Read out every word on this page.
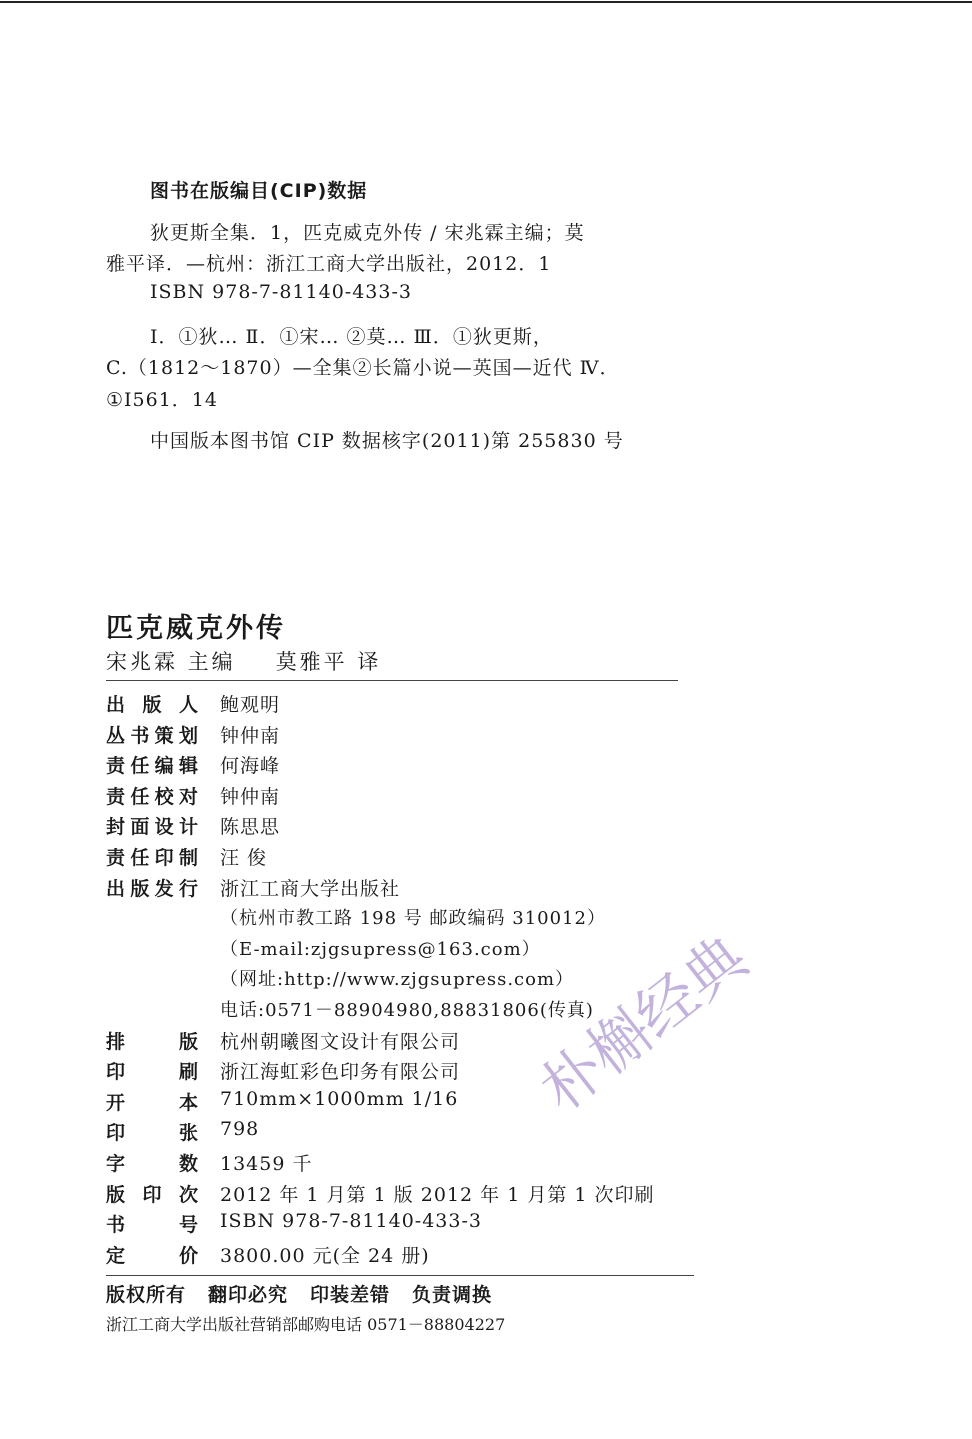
图书在版编目(CIP)数据
狄更斯全集．1，匹克威克外传 / 宋兆霖主编；莫
雅平译．—杭州：浙江工商大学出版社，2012．1
ISBN 978-7-81140-433-3
Ⅰ．①狄… Ⅱ．①宋… ②莫… Ⅲ．①狄更斯，
C.（1812～1870）—全集②长篇小说—英国—近代 Ⅳ．
①I561．14
中国版本图书馆 CIP 数据核字(2011)第 255830 号
匹克威克外传
宋兆霖 主编 莫雅平 译
出 版 人 鲍观明
丛 书 策 划 钟仲南
责 任 编 辑 何海峰
责 任 校 对 钟仲南
封 面 设 计 陈思思
责 任 印 制 汪 俊
出 版 发 行 浙江工商大学出版社
（杭州市教工路 198 号 邮政编码 310012）
（E-mail:zjgsupress@163.com）
（网址:http://www.zjgsupress.com）
电话:0571－88904980,88831806(传真)
排	版 杭州朝曦图文设计有限公司
印	刷 浙江海虹彩色印务有限公司
开	本 710mm×1000mm 1/16
印	张 798
字	数 13459 千
版 印 次 2012 年 1 月第 1 版 2012 年 1 月第 1 次印刷
书	号 ISBN 978-7-81140-433-3
定	价 3800.00 元(全 24 册)
版权所有 翻印必究 印装差错 负责调换
浙江工商大学出版社营销部邮购电话 0571－88804227
朴槲经典
